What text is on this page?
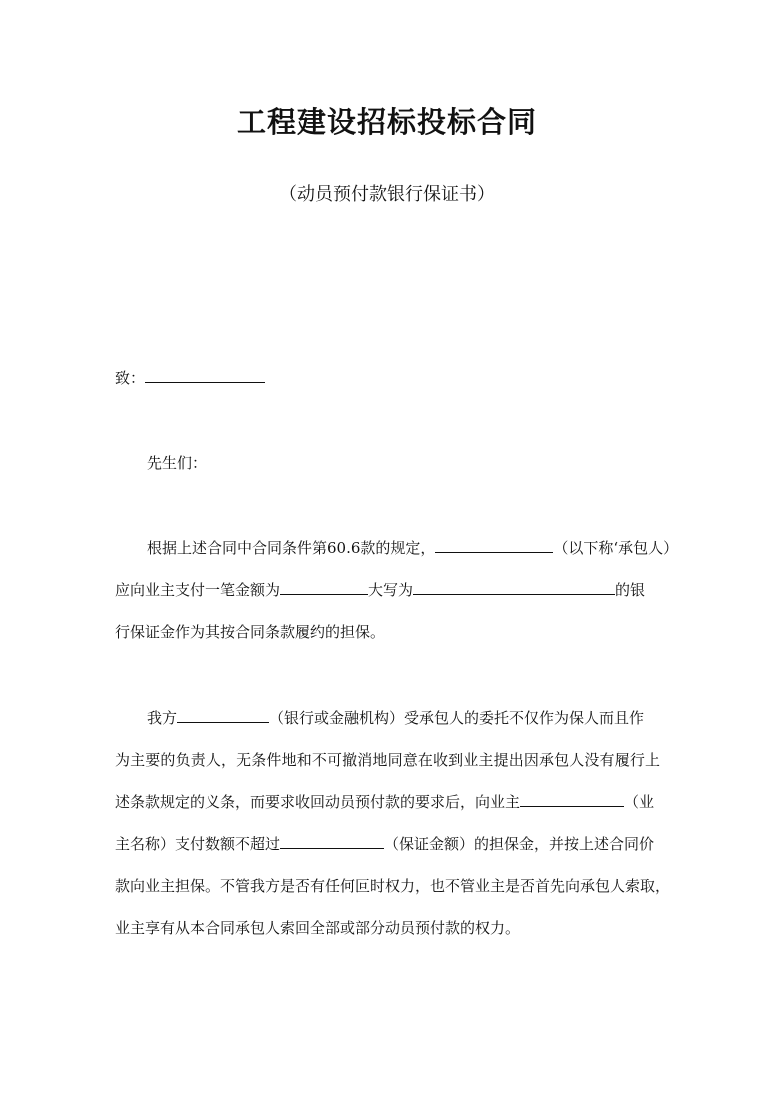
工程建设招标投标合同

（动员预付款银行保证书）

致：
先生们：
根据上述合同中合同条件第60.6款的规定，	（以下称‘承包人）
应向业主支付一笔金额为	大写为	的银
行保证金作为其按合同条款履约的担保。
我方	（银行或金融机构）受承包人的委托不仅作为保人而且作
为主要的负责人，无条件地和不可撤消地同意在收到业主提出因承包人没有履行上
述条款规定的义条，而要求收回动员预付款的要求后，向业主	（业
主名称）支付数额不超过	（保证金额）的担保金，并按上述合同价
款向业主担保。不管我方是否有任何叵时权力，也不管业主是否首先向承包人索取，
业主享有从本合同承包人索回全部或部分动员预付款的权力。
